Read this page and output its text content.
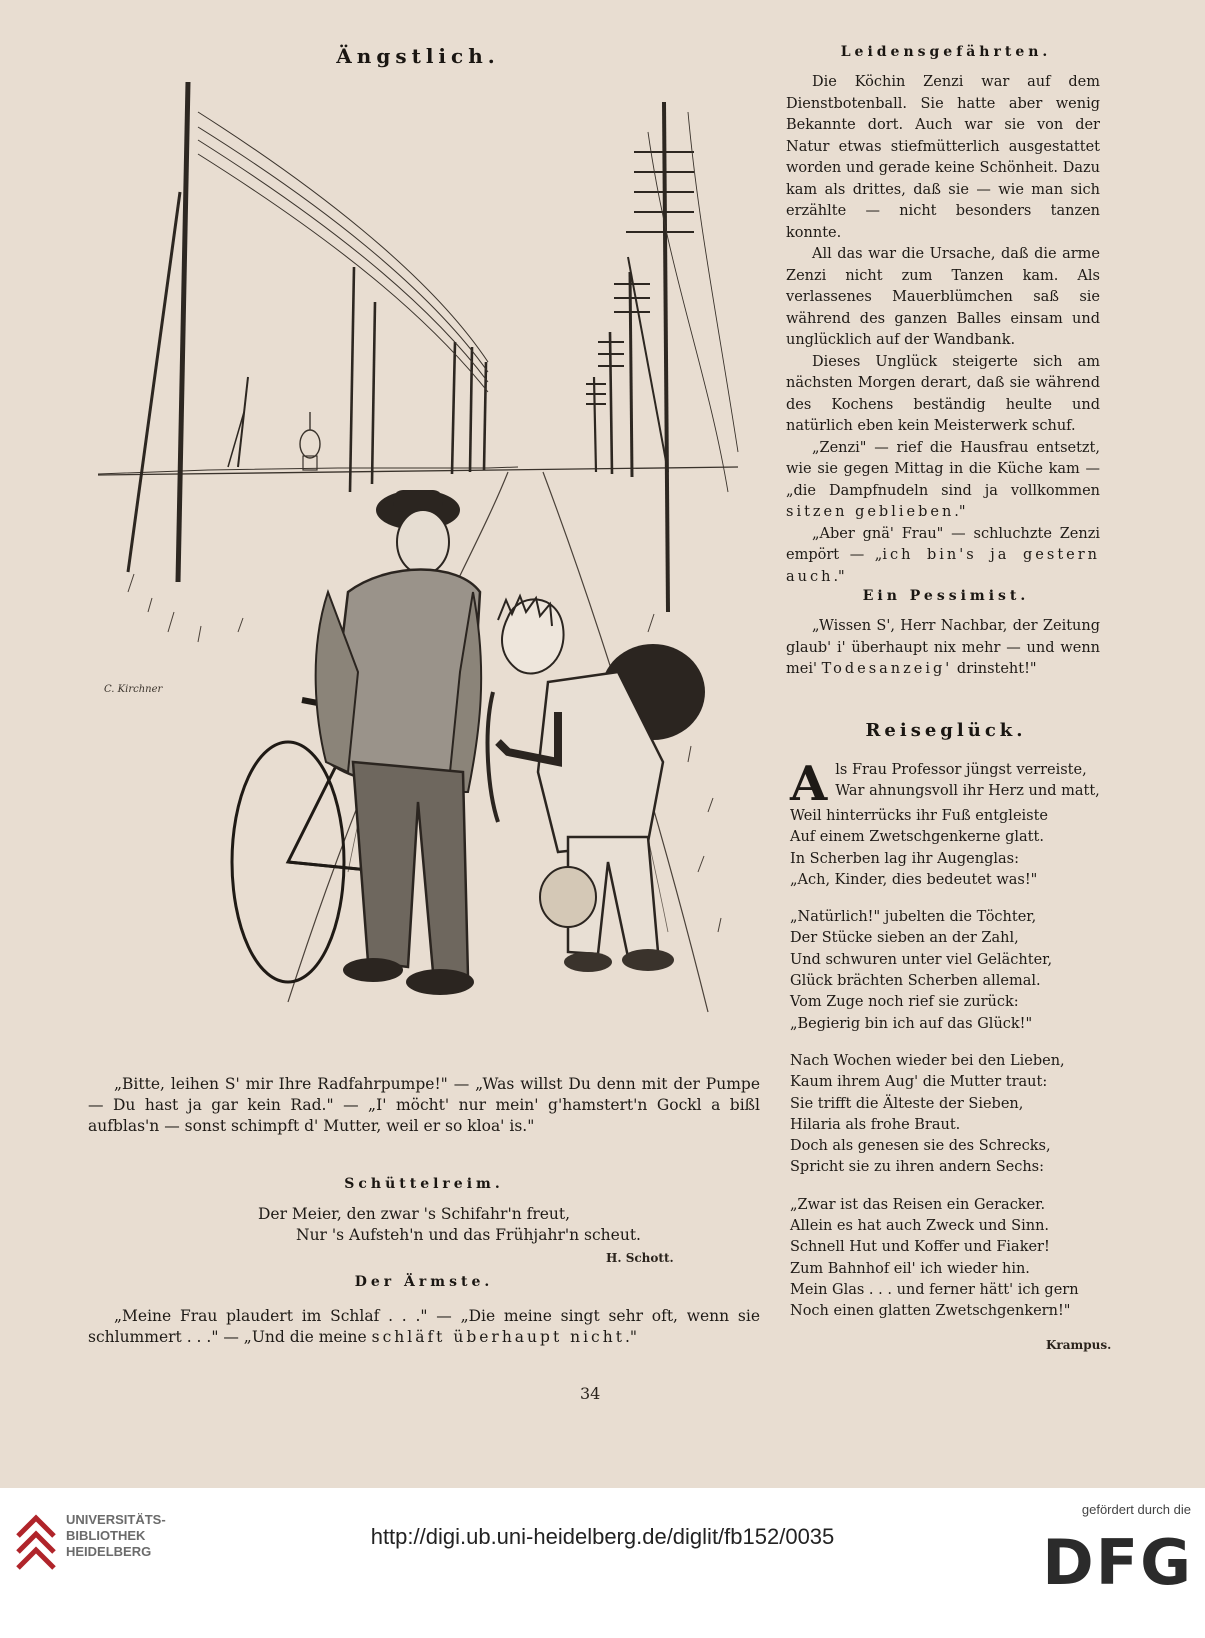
Ängstlich.
C. Kirchner

„Bitte, leihen S' mir Ihre Radfahrpumpe!" — „Was willst Du denn mit der Pumpe — Du hast ja gar kein Rad." — „I' möcht' nur mein' g'hamstert'n Gockl a bißl aufblas'n — sonst schimpft d' Mutter, weil er so kloa' is."

Schüttelreim.
Der Meier, den zwar 's Schifahr'n freut,
Nur 's Aufsteh'n und das Frühjahr'n scheut.
H. Schott.
Der Ärmste.

„Meine Frau plaudert im Schlaf . . ." — „Die meine singt sehr oft, wenn sie schlummert . . ." — „Und die meine schläft überhaupt nicht."

34
Leidensgefährten.

Die Köchin Zenzi war auf dem Dienstbotenball. Sie hatte aber wenig Bekannte dort. Auch war sie von der Natur etwas stiefmütterlich ausgestattet worden und gerade keine Schönheit. Dazu kam als drittes, daß sie — wie man sich erzählte — nicht besonders tanzen konnte.

All das war die Ursache, daß die arme Zenzi nicht zum Tanzen kam. Als verlassenes Mauerblümchen saß sie während des ganzen Balles einsam und unglücklich auf der Wandbank.

Dieses Unglück steigerte sich am nächsten Morgen derart, daß sie während des Kochens beständig heulte und natürlich eben kein Meisterwerk schuf.

„Zenzi" — rief die Hausfrau entsetzt, wie sie gegen Mittag in die Küche kam — „die Dampfnudeln sind ja vollkommen sitzen geblieben."

„Aber gnä' Frau" — schluchzte Zenzi empört — „ich bin's ja gestern auch."

Ein Pessimist.

„Wissen S', Herr Nachbar, der Zeitung glaub' i' überhaupt nix mehr — und wenn mei' Todesanzeig' drinsteht!"

Reiseglück.
A ls Frau Professor jüngst verreiste,
War ahnungsvoll ihr Herz und matt,
Weil hinterrücks ihr Fuß entgleiste
Auf einem Zwetschgenkerne glatt.
In Scherben lag ihr Augenglas:
„Ach, Kinder, dies bedeutet was!"
„Natürlich!" jubelten die Töchter,
Der Stücke sieben an der Zahl,
Und schwuren unter viel Gelächter,
Glück brächten Scherben allemal.
Vom Zuge noch rief sie zurück:
„Begierig bin ich auf das Glück!"
Nach Wochen wieder bei den Lieben,
Kaum ihrem Aug' die Mutter traut:
Sie trifft die Älteste der Sieben,
Hilaria als frohe Braut.
Doch als genesen sie des Schrecks,
Spricht sie zu ihren andern Sechs:
„Zwar ist das Reisen ein Geracker.
Allein es hat auch Zweck und Sinn.
Schnell Hut und Koffer und Fiaker!
Zum Bahnhof eil' ich wieder hin.
Mein Glas . . . und ferner hätt' ich gern
Noch einen glatten Zwetschgenkern!"
Krampus.
UNIVERSITÄTS-
BIBLIOTHEK
HEIDELBERG
http://digi.ub.uni-heidelberg.de/diglit/fb152/0035
gefördert durch die
DFG
